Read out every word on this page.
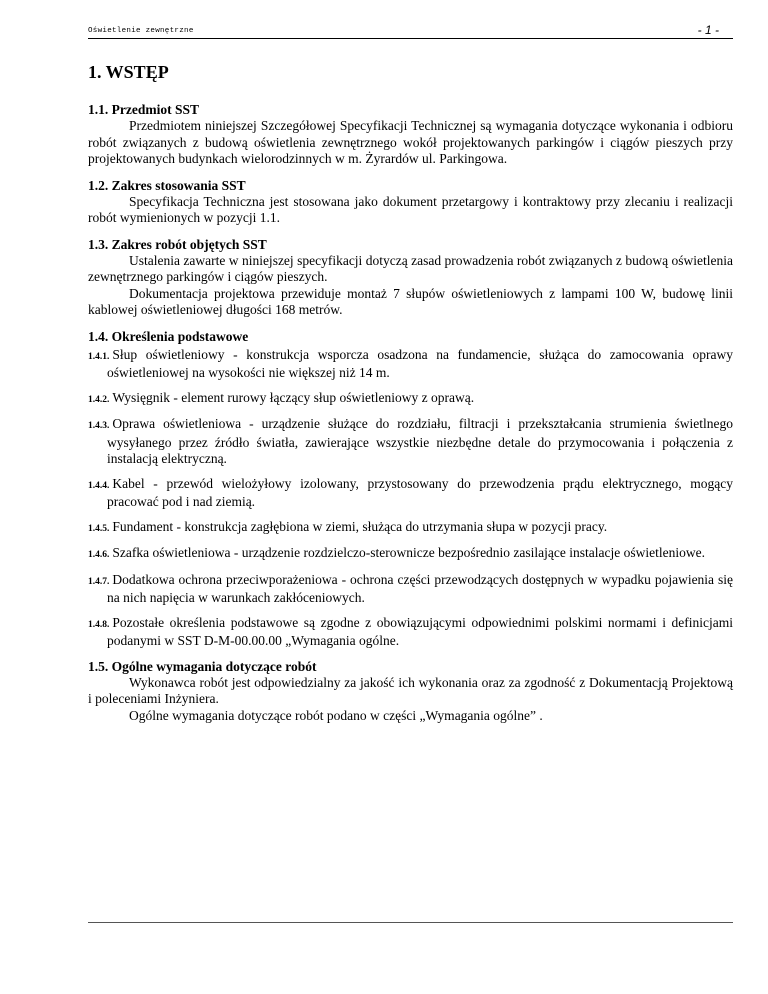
Oświetlenie zewnętrzne	- 1 -
1. WSTĘP
1.1. Przedmiot SST

Przedmiotem niniejszej Szczegółowej Specyfikacji Technicznej są wymagania dotyczące wykonania i odbioru robót związanych z budową oświetlenia zewnętrznego wokół projektowanych parkingów i ciągów pieszych przy projektowanych budynkach wielorodzinnych w m. Żyrardów ul. Parkingowa.

1.2. Zakres stosowania SST

Specyfikacja Techniczna jest stosowana jako dokument przetargowy i kontraktowy przy zlecaniu i realizacji robót wymienionych w pozycji 1.1.

1.3. Zakres robót objętych SST

Ustalenia zawarte w niniejszej specyfikacji dotyczą zasad prowadzenia robót związanych z budową oświetlenia zewnętrznego parkingów i ciągów pieszych.

Dokumentacja projektowa przewiduje montaż 7 słupów oświetleniowych z lampami 100 W, budowę linii kablowej oświetleniowej długości 168 metrów.

1.4. Określenia podstawowe

1.4.1. Słup oświetleniowy - konstrukcja wsporcza osadzona na fundamencie, służąca do zamocowania oprawy oświetleniowej na wysokości nie większej niż 14 m.

1.4.2. Wysięgnik - element rurowy łączący słup oświetleniowy z oprawą.

1.4.3. Oprawa oświetleniowa - urządzenie służące do rozdziału, filtracji i przekształcania strumienia świetlnego wysyłanego przez źródło światła, zawierające wszystkie niezbędne detale do przymocowania i połączenia z instalacją elektryczną.

1.4.4. Kabel - przewód wielożyłowy izolowany, przystosowany do przewodzenia prądu elektrycznego, mogący pracować pod i nad ziemią.

1.4.5. Fundament - konstrukcja zagłębiona w ziemi, służąca do utrzymania słupa w pozycji pracy.

1.4.6. Szafka oświetleniowa - urządzenie rozdzielczo-sterownicze bezpośrednio zasilające instalacje oświetleniowe.

1.4.7. Dodatkowa ochrona przeciwporażeniowa - ochrona części przewodzących dostępnych w wypadku pojawienia się na nich napięcia w warunkach zakłóceniowych.

1.4.8. Pozostałe określenia podstawowe są zgodne z obowiązującymi odpowiednimi polskimi normami i definicjami podanymi w SST D-M-00.00.00 „Wymagania ogólne.

1.5. Ogólne wymagania dotyczące robót

Wykonawca robót jest odpowiedzialny za jakość ich wykonania oraz za zgodność z Dokumentacją Projektową i poleceniami Inżyniera.

Ogólne wymagania dotyczące robót podano w części „Wymagania ogólne” .
